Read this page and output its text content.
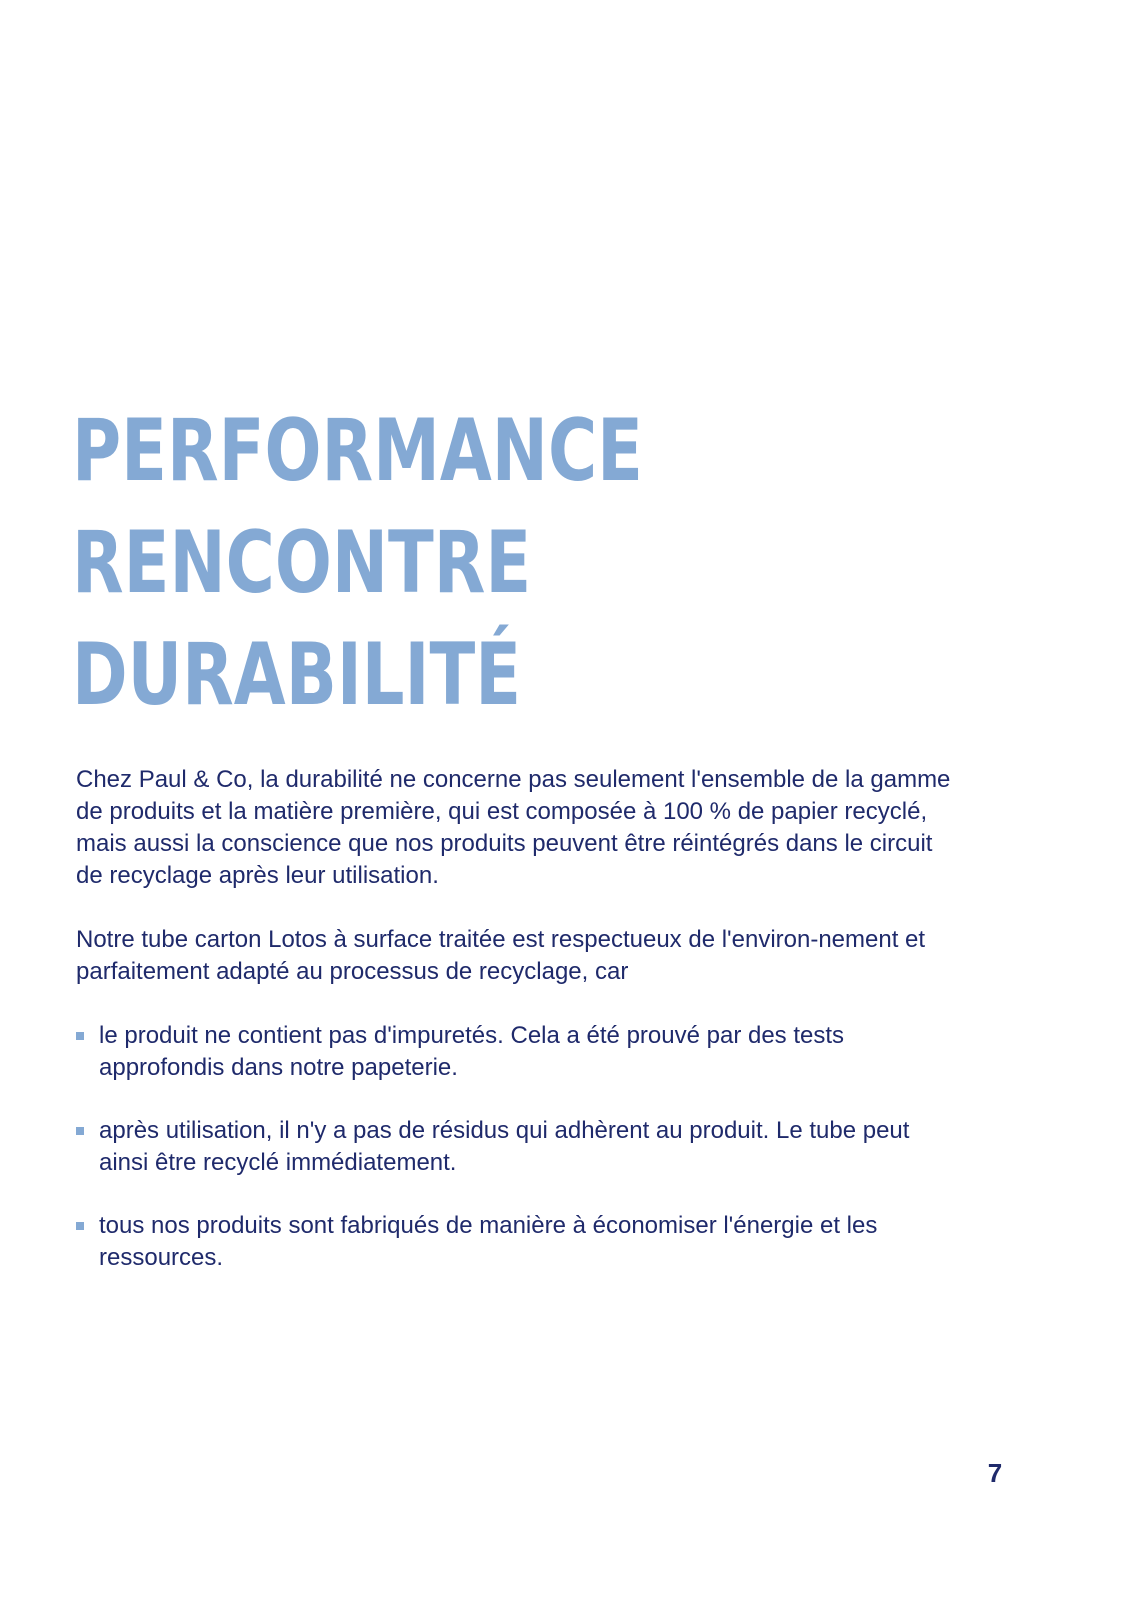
PERFORMANCE
RENCONTRE
DURABILITÉ

Chez Paul & Co, la durabilité ne concerne pas seulement l'ensemble de la gamme de produits et la matière première, qui est composée à 100 % de papier recyclé, mais aussi la conscience que nos produits peuvent être réintégrés dans le circuit de recyclage après leur utilisation.

Notre tube carton Lotos à surface traitée est respectueux de l'environ-nement et parfaitement adapté au processus de recyclage, car

le produit ne contient pas d'impuretés. Cela a été prouvé par des tests approfondis dans notre papeterie.
après utilisation, il n'y a pas de résidus qui adhèrent au produit. Le tube peut ainsi être recyclé immédiatement.
tous nos produits sont fabriqués de manière à économiser l'énergie et les ressources.
7
